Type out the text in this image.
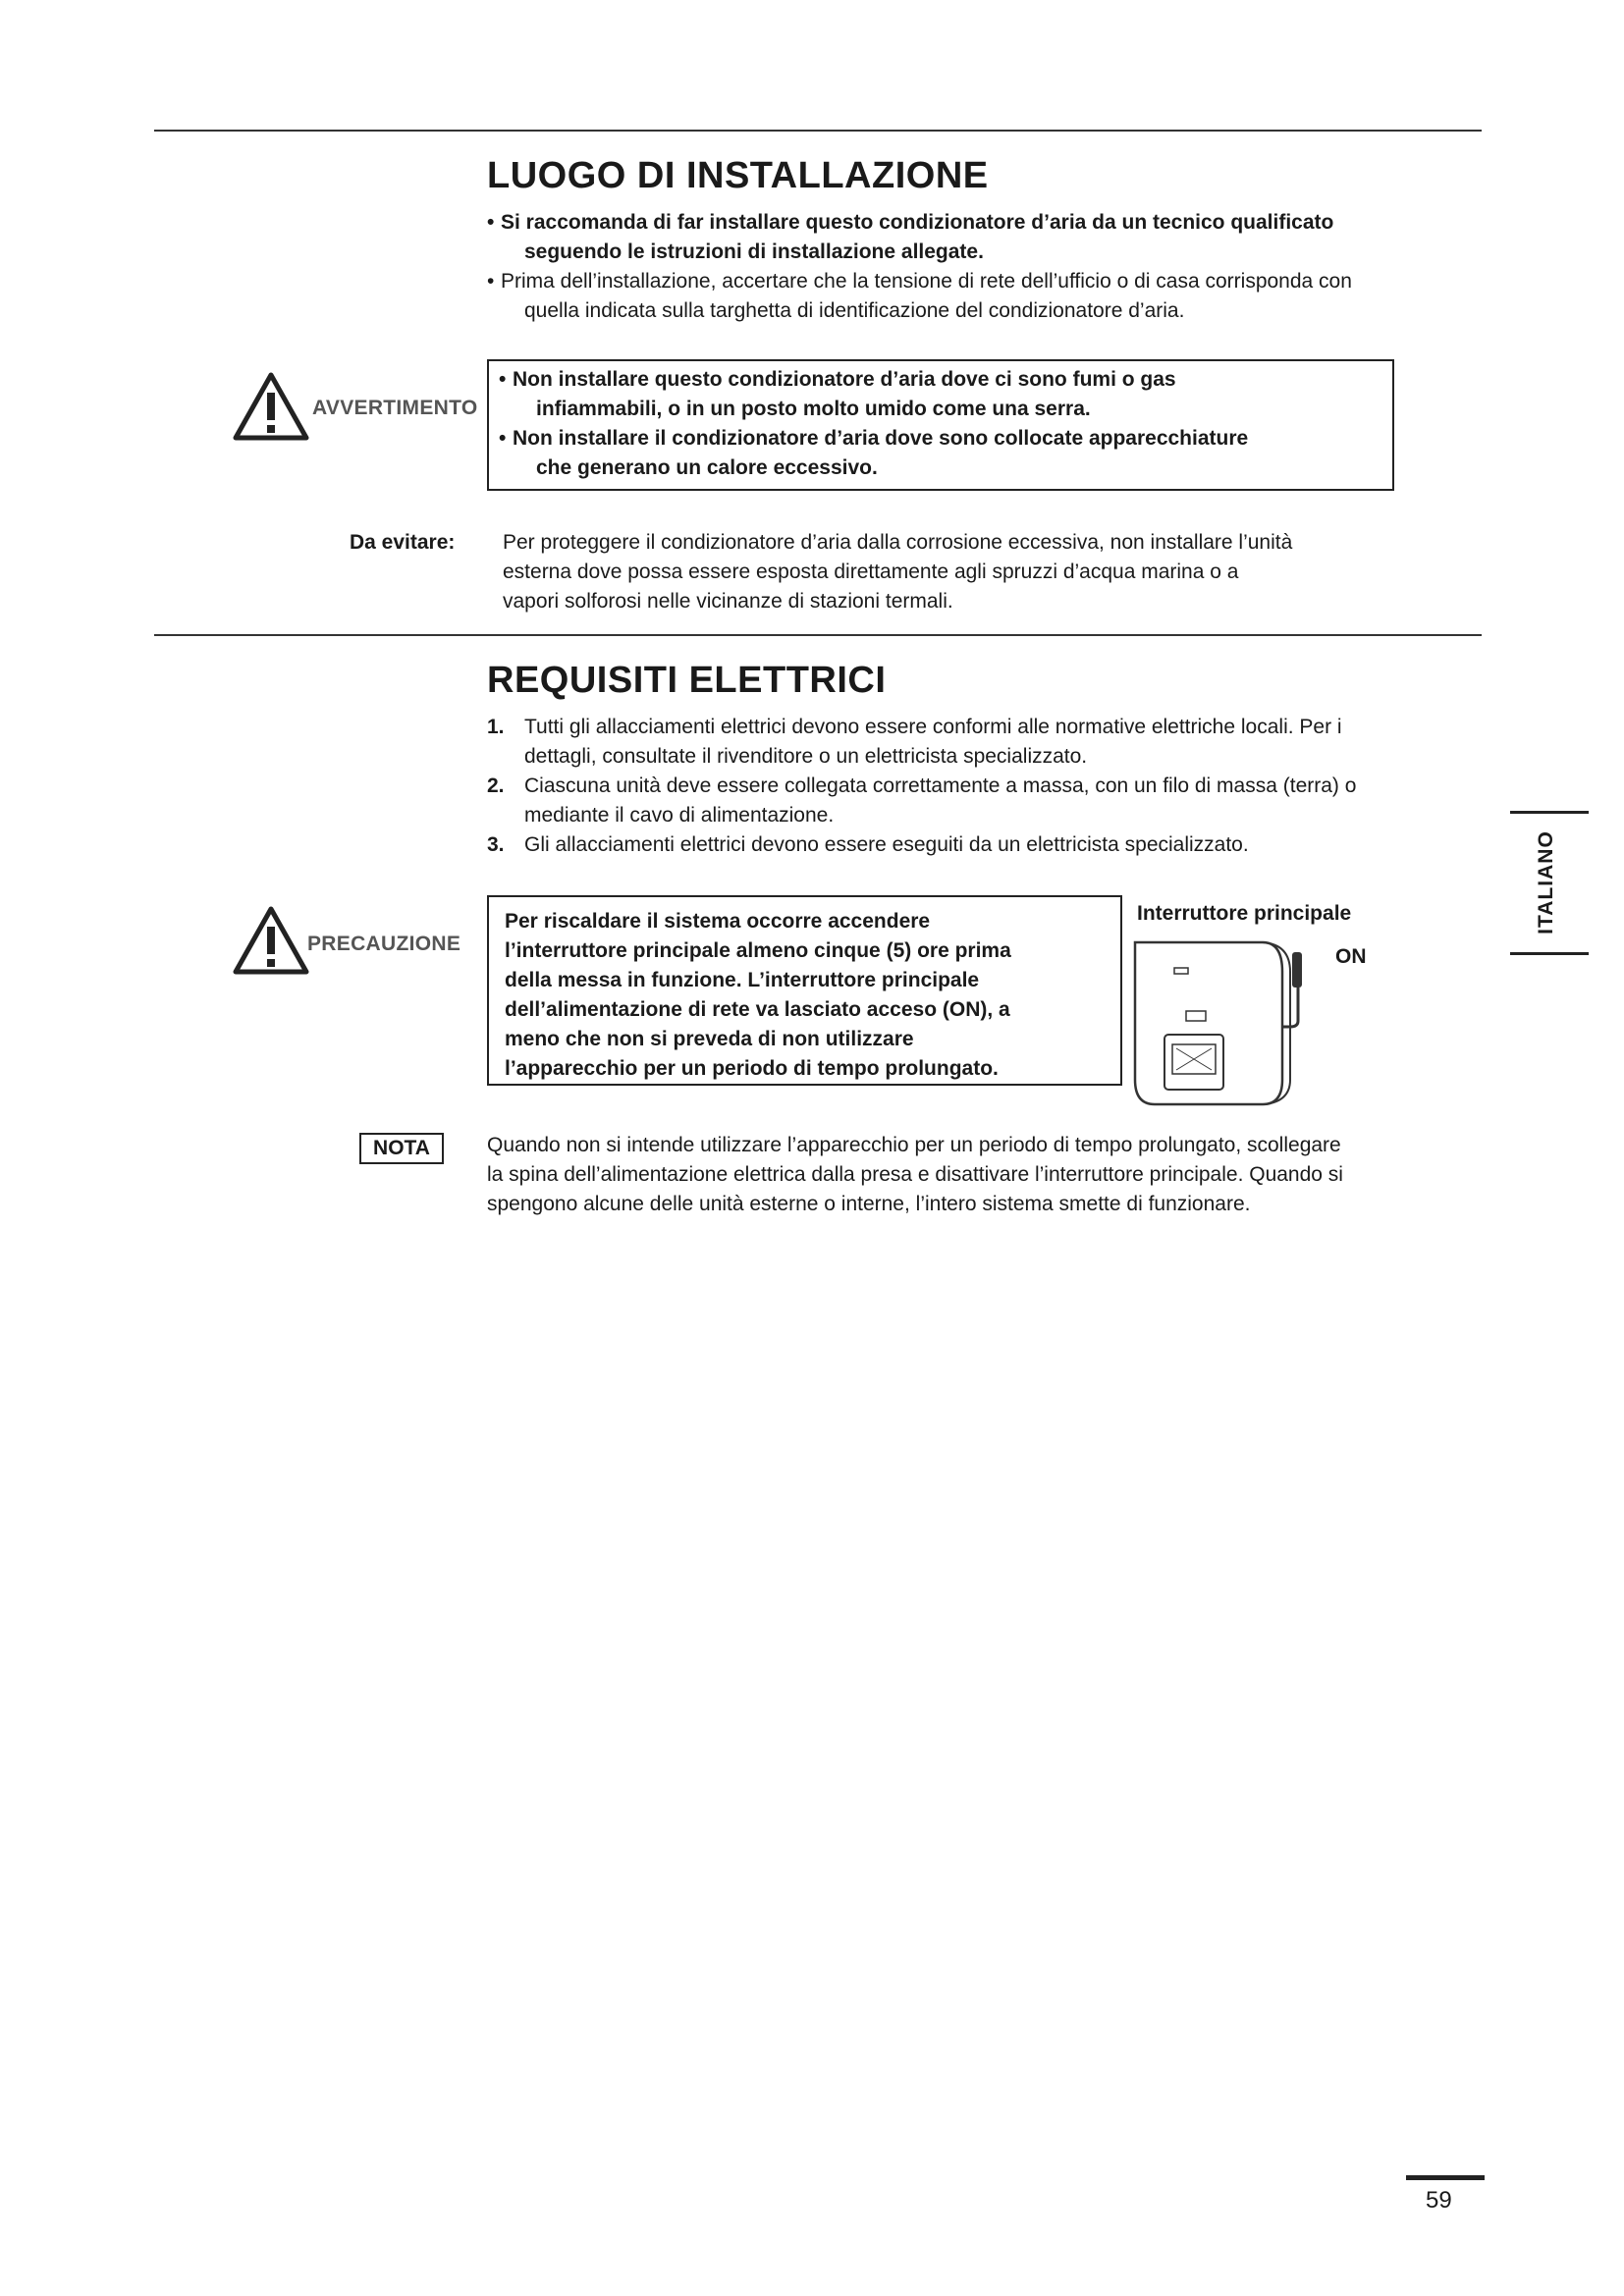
LUOGO DI INSTALLAZIONE
• Si raccomanda di far installare questo condizionatore d’aria da un tecnico qualificato

seguendo le istruzioni di installazione allegate.
• Prima dell’installazione, accertare che la tensione di rete dell’ufficio o di casa corrisponda con

quella indicata sulla targhetta di identificazione del condizionatore d’aria.
AVVERTIMENTO
• Non installare questo condizionatore d’aria dove ci sono fumi o gas

infiammabili, o in un posto molto umido come una serra.
• Non installare il condizionatore d’aria dove sono collocate apparecchiature

che generano un calore eccessivo.
Da evitare: Per proteggere il condizionatore d’aria dalla corrosione eccessiva, non installare l’unità
esterna dove possa essere esposta direttamente agli spruzzi d’acqua marina o a
vapori solforosi nelle vicinanze di stazioni termali.
REQUISITI ELETTRICI
1. Tutti gli allacciamenti elettrici devono essere conformi alle normative elettriche locali. Per i
dettagli, consultate il rivenditore o un elettricista specializzato.
2. Ciascuna unità deve essere collegata correttamente a massa, con un filo di massa (terra) o
mediante il cavo di alimentazione.
3. Gli allacciamenti elettrici devono essere eseguiti da un elettricista specializzato.
PRECAUZIONE
Per riscaldare il sistema occorre accendere
l’interruttore principale almeno cinque (5) ore prima
della messa in funzione. L’interruttore principale
dell’alimentazione di rete va lasciato acceso (ON), a
meno che non si preveda di non utilizzare
l’apparecchio per un periodo di tempo prolungato.
Interruttore principale
ON
NOTA	Quando non si intende utilizzare l’apparecchio per un periodo di tempo prolungato, scollegare
la spina dell’alimentazione elettrica dalla presa e disattivare l’interruttore principale. Quando si
spengono alcune delle unità esterne o interne, l’intero sistema smette di funzionare.
ITALIANO
59
